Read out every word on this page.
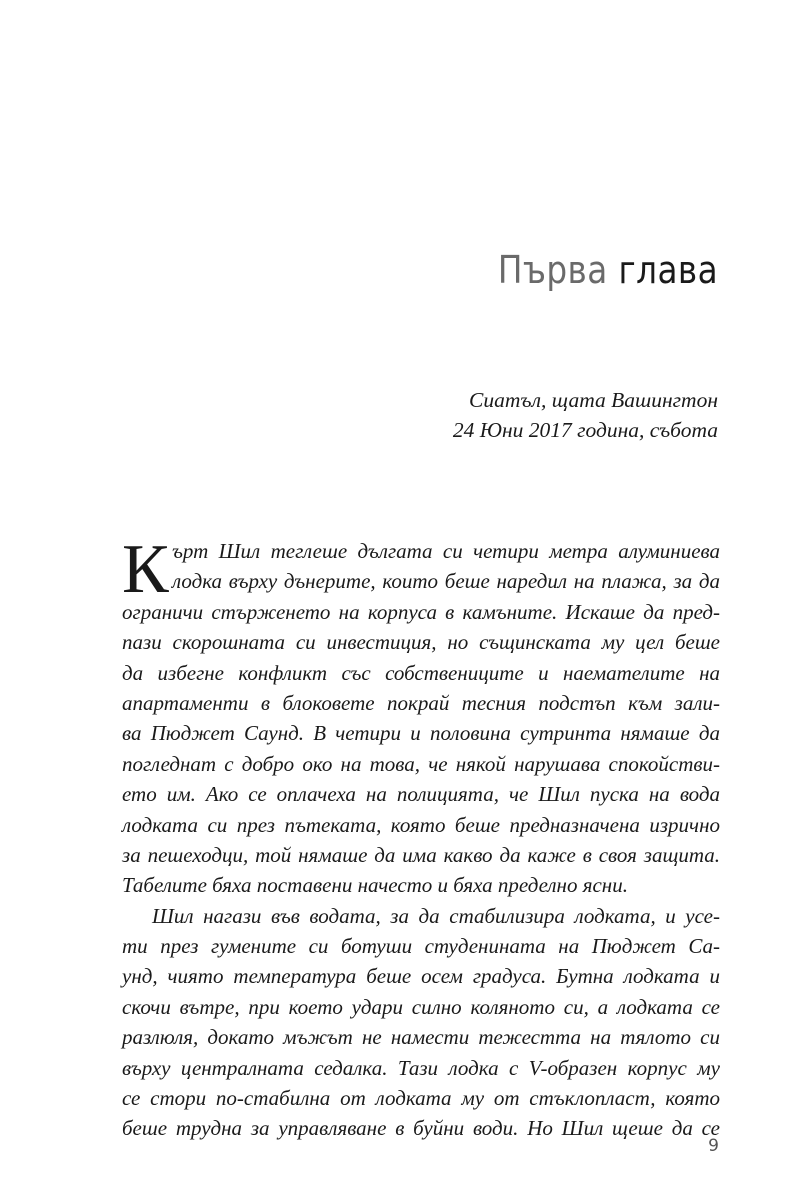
Първа глава
Сиатъл, щата Вашингтон
24 Юни 2017 година, събота
К ърт Шил теглеше дългата си четири метра алуминиева
лодка върху дънерите, които беше наредил на плажа, за да
ограничи стърженето на корпуса в камъните. Искаше да пред-
пази скорошната си инвестиция, но същинската му цел беше
да избегне конфликт със собствениците и наемателите на
апартаменти в блоковете покрай тесния подстъп към зали-
ва Пюджет Саунд. В четири и половина сутринта нямаше да
погледнат с добро око на това, че някой нарушава спокойстви-
ето им. Ако се оплачеха на полицията, че Шил пуска на вода
лодката си през пътеката, която беше предназначена изрично
за пешеходци, той нямаше да има какво да каже в своя защита.
Табелите бяха поставени начесто и бяха пределно ясни.
Шил нагази във водата, за да стабилизира лодката, и усе-
ти през гумените си ботуши студенината на Пюджет Са-
унд, чиято температура беше осем градуса. Бутна лодката и
скочи вътре, при което удари силно коляното си, а лодката се
разлюля, докато мъжът не намести тежестта на тялото си
върху централната седалка. Тази лодка с V-образен корпус му
се стори по-стабилна от лодката му от стъклопласт, която
беше трудна за управляване в буйни води. Но Шил щеше да се
9
